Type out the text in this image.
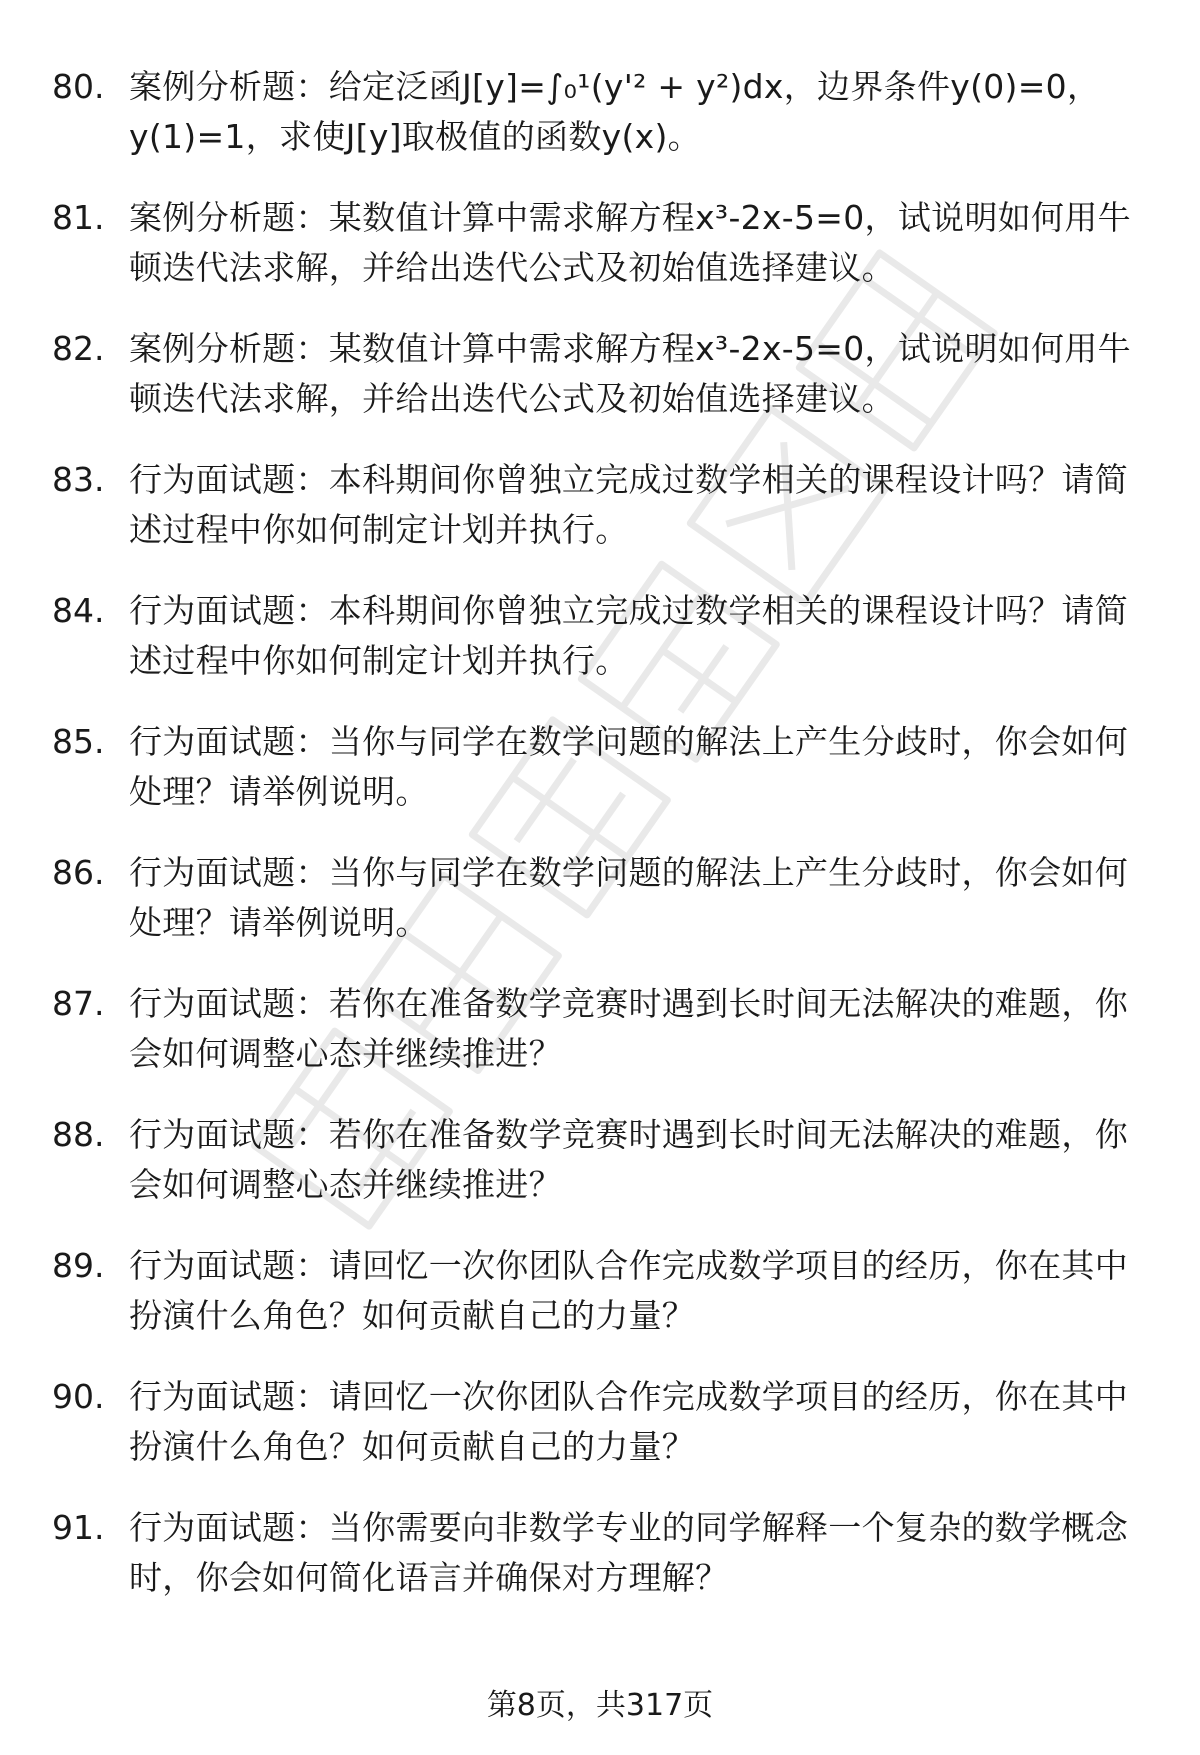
80. 案例分析题：给定泛函J[y]=∫₀¹(y'² + y²)dx，边界条件y(0)=0，y(1)=1，求使J[y]取极值的函数y(x)。
81. 案例分析题：某数值计算中需求解方程x³-2x-5=0，试说明如何用牛顿迭代法求解，并给出迭代公式及初始值选择建议。
82. 案例分析题：某数值计算中需求解方程x³-2x-5=0，试说明如何用牛顿迭代法求解，并给出迭代公式及初始值选择建议。
83. 行为面试题：本科期间你曾独立完成过数学相关的课程设计吗？请简述过程中你如何制定计划并执行。
84. 行为面试题：本科期间你曾独立完成过数学相关的课程设计吗？请简述过程中你如何制定计划并执行。
85. 行为面试题：当你与同学在数学问题的解法上产生分歧时，你会如何处理？请举例说明。
86. 行为面试题：当你与同学在数学问题的解法上产生分歧时，你会如何处理？请举例说明。
87. 行为面试题：若你在准备数学竞赛时遇到长时间无法解决的难题，你会如何调整心态并继续推进？
88. 行为面试题：若你在准备数学竞赛时遇到长时间无法解决的难题，你会如何调整心态并继续推进？
89. 行为面试题：请回忆一次你团队合作完成数学项目的经历，你在其中扮演什么角色？如何贡献自己的力量？
90. 行为面试题：请回忆一次你团队合作完成数学项目的经历，你在其中扮演什么角色？如何贡献自己的力量？
91. 行为面试题：当你需要向非数学专业的同学解释一个复杂的数学概念时，你会如何简化语言并确保对方理解？
第8页，共317页
